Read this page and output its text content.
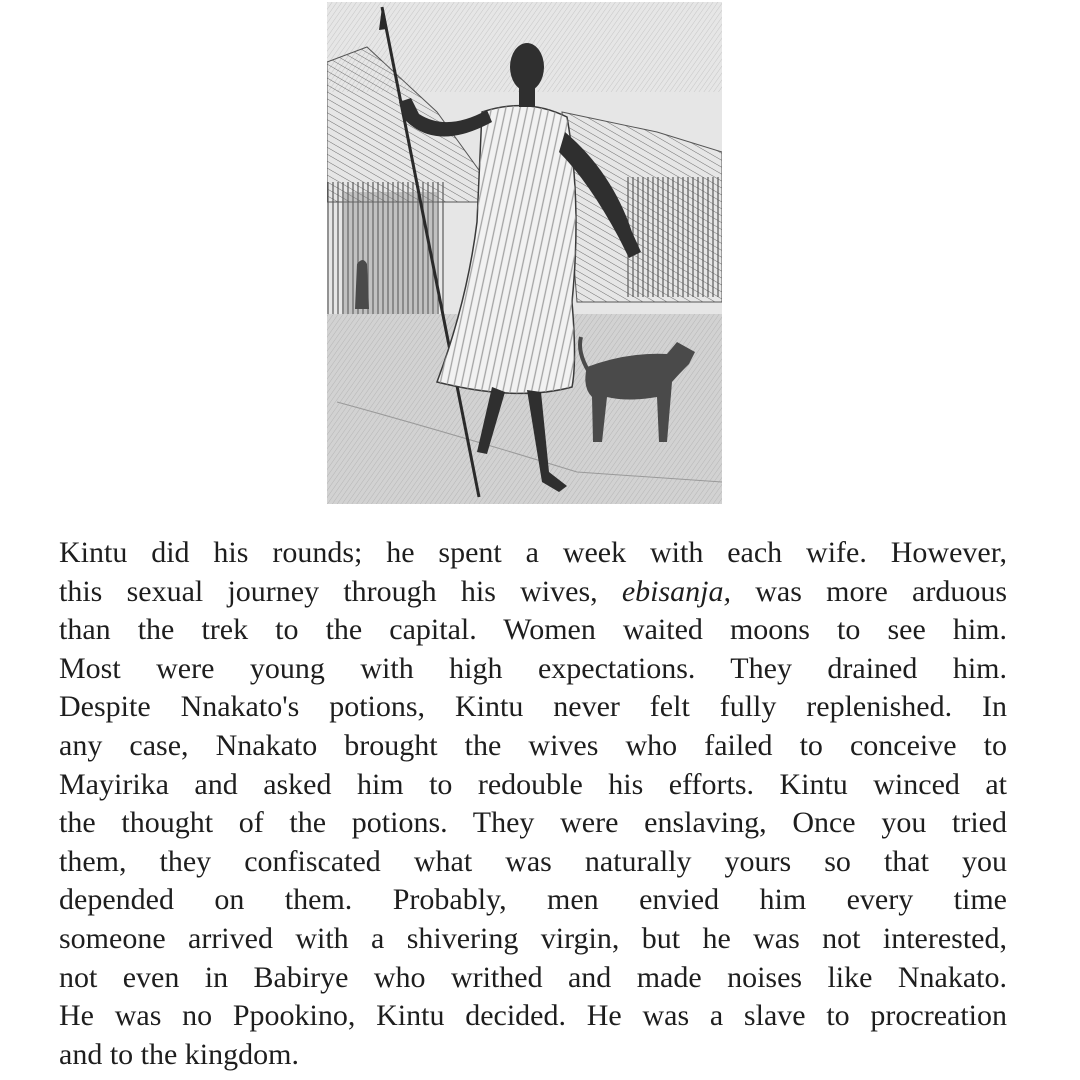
Kintu did his rounds; he spent a week with each wife. However,
this sexual journey through his wives, ebisanja, was more arduous
than the trek to the capital. Women waited moons to see him.
Most were young with high expectations. They drained him.
Despite Nnakato's potions, Kintu never felt fully replenished. In
any case, Nnakato brought the wives who failed to conceive to
Mayirika and asked him to redouble his efforts. Kintu winced at
the thought of the potions. They were enslaving, Once you tried
them, they confiscated what was naturally yours so that you
depended on them. Probably, men envied him every time
someone arrived with a shivering virgin, but he was not interested,
not even in Babirye who writhed and made noises like Nnakato.
He was no Ppookino, Kintu decided. He was a slave to procreation
and to the kingdom.
